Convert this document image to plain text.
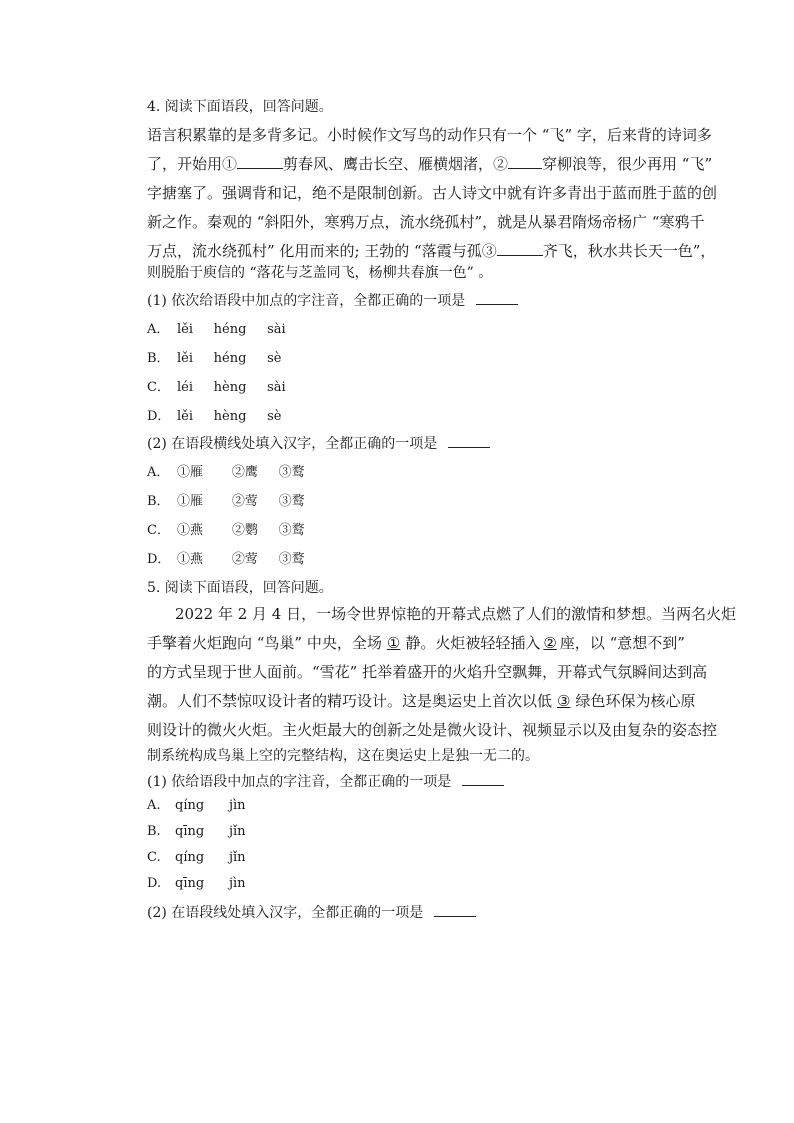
4. 阅读下面语段，回答问题。
语言积累靠的是多背多记。小时候作文写鸟的动作只有一个 “飞” 字，后来背的诗词多
了，开始用①	剪春风、鹰击长空、雁横烟渚，② 穿柳浪等，很少再用 “飞”
字搪塞了。强调背和记，绝不是限制创新。古人诗文中就有许多青出于蓝而胜于蓝的创
新之作。秦观的 “斜阳外，寒鸦万点，流水绕孤村”，就是从暴君隋炀帝杨广 “寒鸦千
万点，流水绕孤村” 化用而来的; 王勃的 “落霞与孤③	齐飞，秋水共长天一色”，
则脱胎于庾信的 “落花与芝盖同飞，杨柳共春旗一色” 。
(1) 依次给语段中加点的字注音，全都正确的一项是
A． lěi     héng     sài
B． lěi     héng     sè
C． léi     hèng     sài
D． lěi     hèng     sè
(2) 在语段横线处填入汉字，全都正确的一项是
A． ①雁       ②鹰     ③鹜
B． ①雁       ②莺     ③鹜
C． ①燕       ②鹦     ③鹜
D． ①燕       ②莺     ③鹜
5. 阅读下面语段，回答问题。
2022 年 2 月 4 日，一场令世界惊艳的开幕式点燃了人们的激情和梦想。当两名火炬
手擎着火炬跑向 “鸟巢” 中央，全场 ① 静。火炬被轻轻插入 ② 座，以 “意想不到”
的方式呈现于世人面前。“雪花” 托举着盛开的火焰升空飘舞，开幕式气氛瞬间达到高
潮。人们不禁惊叹设计者的精巧设计。这是奥运史上首次以低 ③ 绿色环保为核心原
则设计的微火火炬。主火炬最大的创新之处是微火设计、视频显示以及由复杂的姿态控
制系统构成鸟巢上空的完整结构，这在奥运史上是独一无二的。
(1) 依给语段中加点的字注音，全都正确的一项是
A. qíng      jìn
B. qīng      jǐn
C. qíng      jǐn
D. qīng      jìn
(2) 在语段线处填入汉字，全都正确的一项是
